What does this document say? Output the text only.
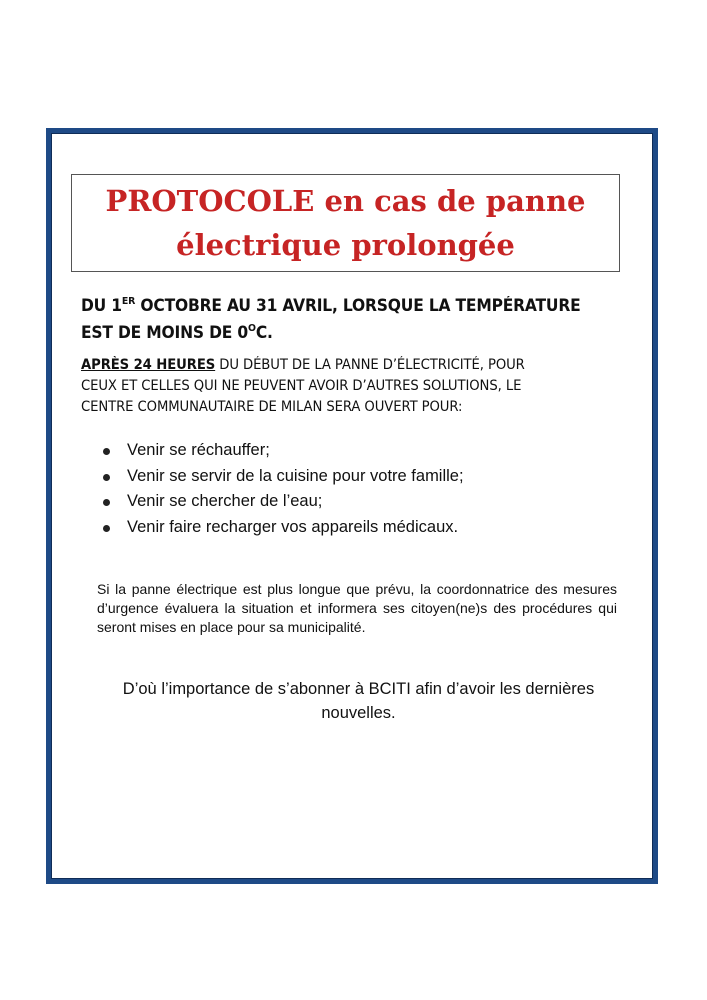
PROTOCOLE en cas de panne
électrique prolongée
DU 1ER OCTOBRE AU 31 AVRIL, LORSQUE LA TEMPÉRATURE
EST DE MOINS DE $0^OC$.
APRÈS 24 HEURES DU DÉBUT DE LA PANNE D’ÉLECTRICITÉ, POUR
CEUX ET CELLES QUI NE PEUVENT AVOIR D’AUTRES SOLUTIONS, LE
CENTRE COMMUNAUTAIRE DE MILAN SERA OUVERT POUR:
Venir se réchauffer;
Venir se servir de la cuisine pour votre famille;
Venir se chercher de l’eau;
Venir faire recharger vos appareils médicaux.
Si la panne électrique est plus longue que prévu, la coordonnatrice des mesures d’urgence évaluera la situation et informera ses citoyen(ne)s des procédures qui seront mises en place pour sa municipalité.
D’où l’importance de s’abonner à BCITI afin d’avoir les dernières nouvelles.
